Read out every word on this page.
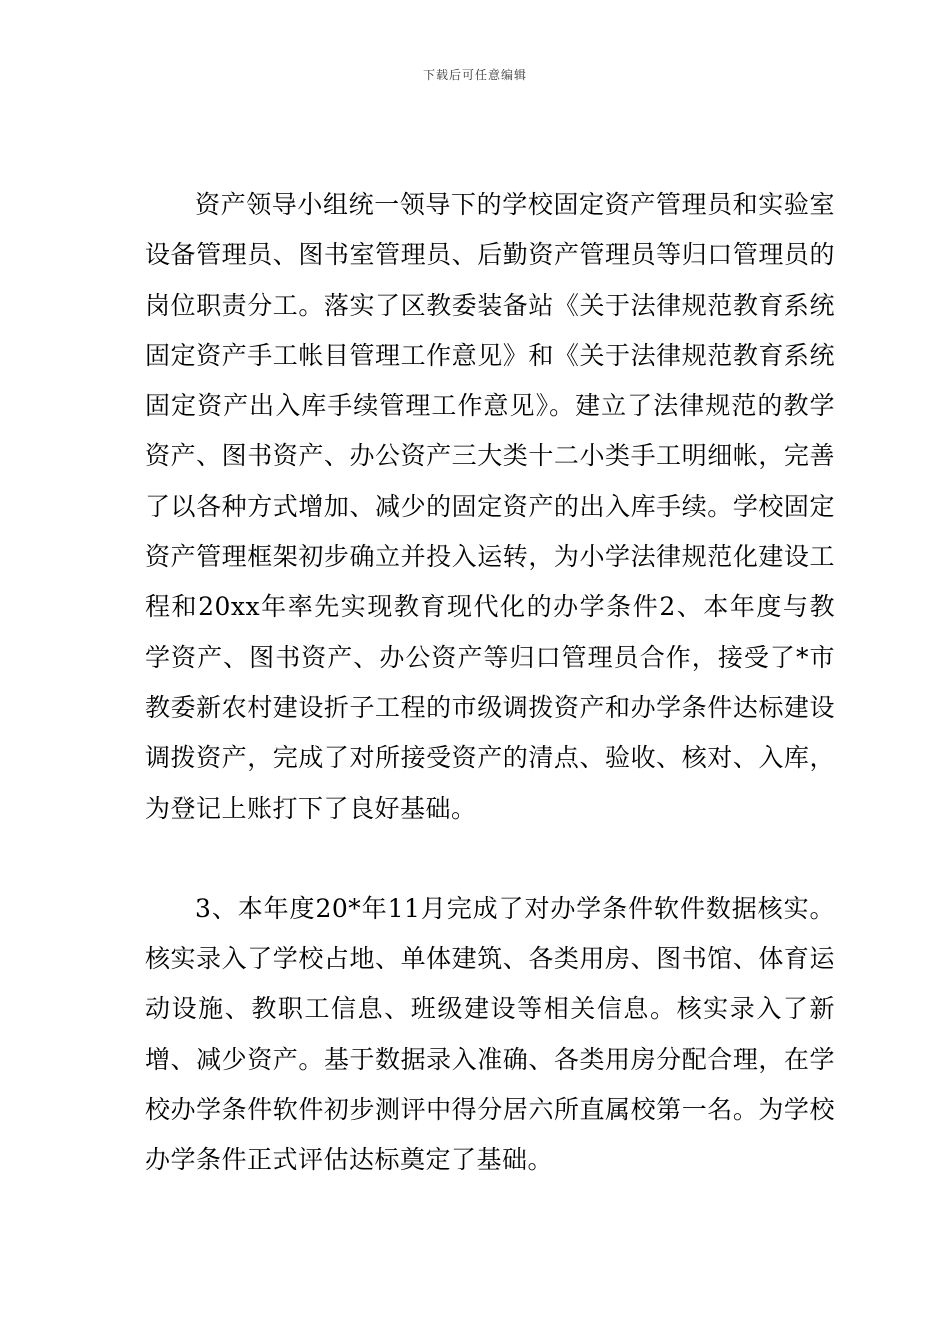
下载后可任意编辑

资产领导小组统一领导下的学校固定资产管理员和实验室设备管理员、图书室管理员、后勤资产管理员等归口管理员的岗位职责分工。落实了区教委装备站《关于法律规范教育系统固定资产手工帐目管理工作意见》和《关于法律规范教育系统固定资产出入库手续管理工作意见》。建立了法律规范的教学资产、图书资产、办公资产三大类十二小类手工明细帐，完善了以各种方式增加、减少的固定资产的出入库手续。学校固定资产管理框架初步确立并投入运转，为小学法律规范化建设工程和20xx年率先实现教育现代化的办学条件2、本年度与教学资产、图书资产、办公资产等归口管理员合作，接受了*市教委新农村建设折子工程的市级调拨资产和办学条件达标建设调拨资产，完成了对所接受资产的清点、验收、核对、入库，为登记上账打下了良好基础。

3、本年度20*年11月完成了对办学条件软件数据核实。核实录入了学校占地、单体建筑、各类用房、图书馆、体育运动设施、教职工信息、班级建设等相关信息。核实录入了新增、减少资产。基于数据录入准确、各类用房分配合理，在学校办学条件软件初步测评中得分居六所直属校第一名。为学校办学条件正式评估达标奠定了基础。
